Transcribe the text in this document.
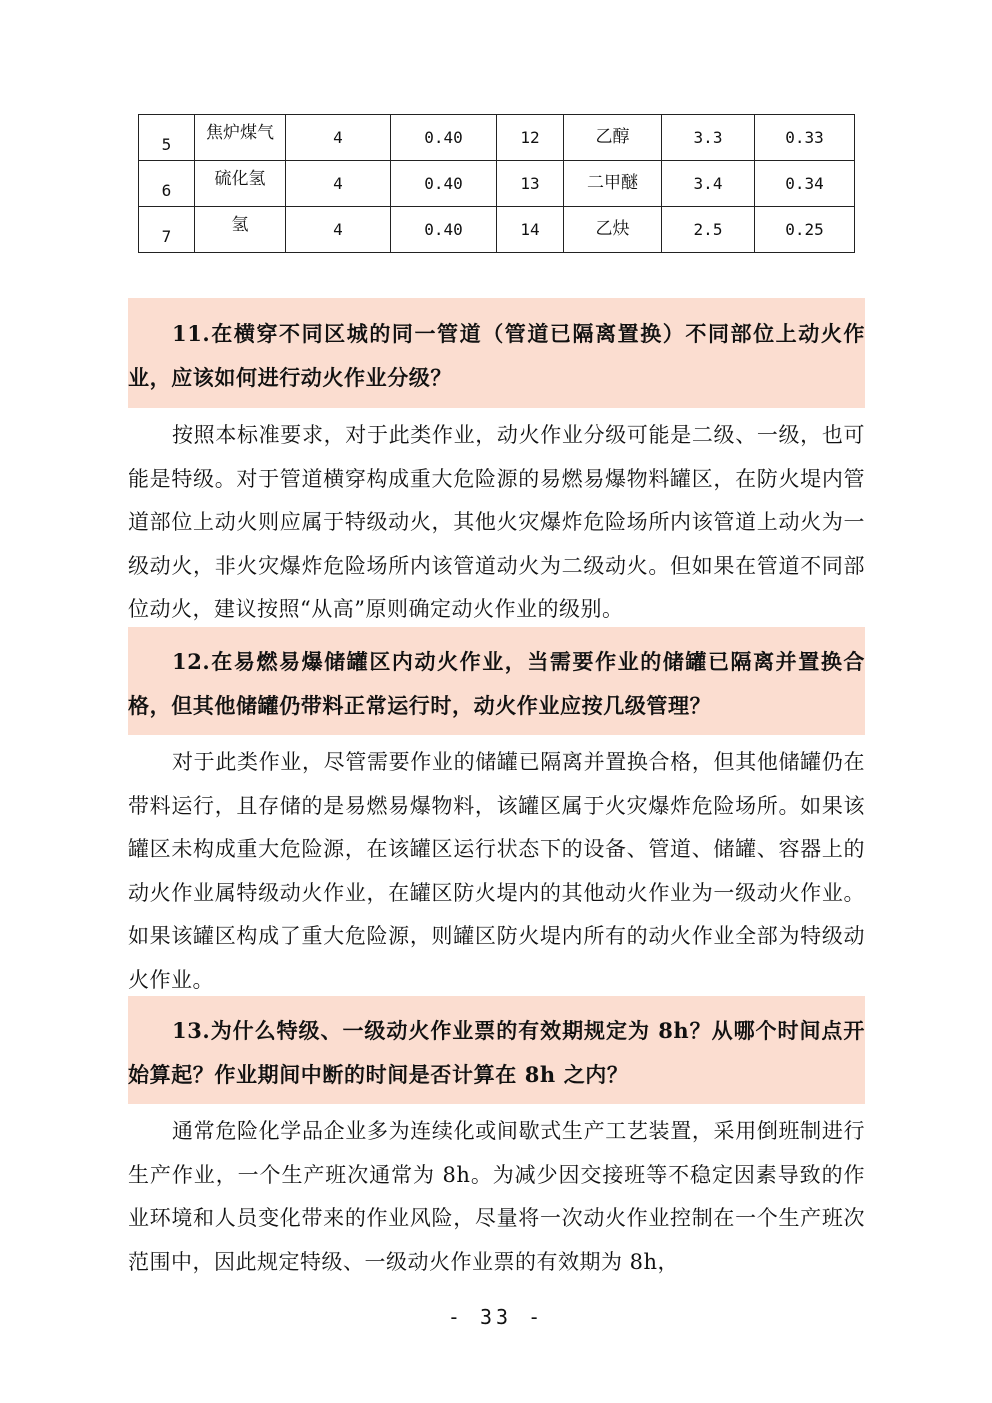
5	焦炉煤气	4	0.40	12	乙醇	3.3	0.33
6	硫化氢	4	0.40	13	二甲醚	3.4	0.34
7	氢	4	0.40	14	乙炔	2.5	0.25

11.在横穿不同区城的同一管道（管道已隔离置换）不同部位上动火作业，应该如何进行动火作业分级？

按照本标准要求，对于此类作业，动火作业分级可能是二级、一级，也可能是特级。对于管道横穿构成重大危险源的易燃易爆物料罐区，在防火堤内管道部位上动火则应属于特级动火，其他火灾爆炸危险场所内该管道上动火为一级动火，非火灾爆炸危险场所内该管道动火为二级动火。但如果在管道不同部位动火，建议按照“从高”原则确定动火作业的级别。

12.在易燃易爆储罐区内动火作业，当需要作业的储罐已隔离并置换合格，但其他储罐仍带料正常运行时，动火作业应按几级管理？

对于此类作业，尽管需要作业的储罐已隔离并置换合格，但其他储罐仍在带料运行，且存储的是易燃易爆物料，该罐区属于火灾爆炸危险场所。如果该罐区未构成重大危险源，在该罐区运行状态下的设备、管道、储罐、容器上的动火作业属特级动火作业，在罐区防火堤内的其他动火作业为一级动火作业。如果该罐区构成了重大危险源，则罐区防火堤内所有的动火作业全部为特级动火作业。

13.为什么特级、一级动火作业票的有效期规定为 8h？从哪个时间点开始算起？作业期间中断的时间是否计算在 8h 之内？

通常危险化学品企业多为连续化或间歇式生产工艺装置，采用倒班制进行生产作业，一个生产班次通常为 8h。为减少因交接班等不稳定因素导致的作业环境和人员变化带来的作业风险，尽量将一次动火作业控制在一个生产班次范围中，因此规定特级、一级动火作业票的有效期为 8h，

- 33 -
